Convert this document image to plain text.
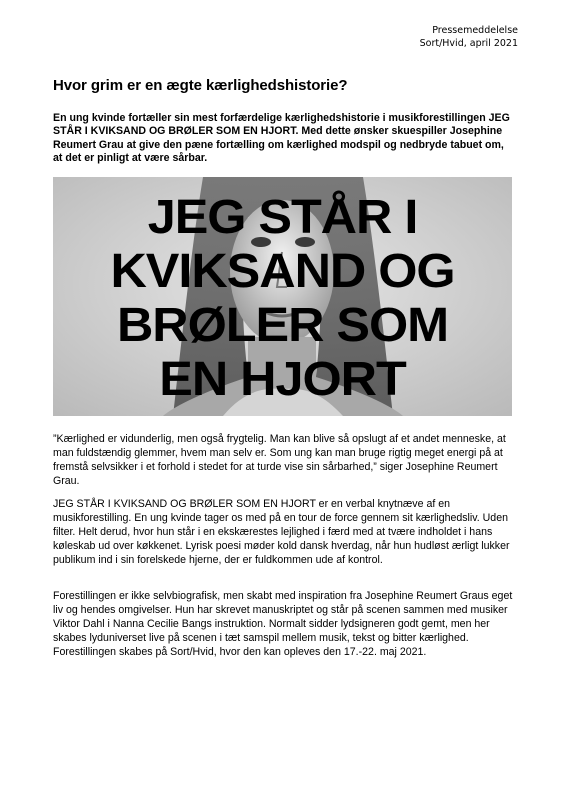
Pressemeddelelse
Sort/Hvid, april 2021
Hvor grim er en ægte kærlighedshistorie?
En ung kvinde fortæller sin mest forfærdelige kærlighedshistorie i musikforestillingen JEG STÅR I KVIKSAND OG BRØLER SOM EN HJORT. Med dette ønsker skuespiller Josephine Reumert Grau at give den pæne fortælling om kærlighed modspil og nedbryde tabuet om, at det er pinligt at være sårbar.
JEG STÅR I
KVIKSAND OG
BRØLER SOM
EN HJORT
”Kærlighed er vidunderlig, men også frygtelig. Man kan blive så opslugt af et andet menneske, at man fuldstændig glemmer, hvem man selv er. Som ung kan man bruge rigtig meget energi på at fremstå selvsikker i et forhold i stedet for at turde vise sin sårbarhed,” siger Josephine Reumert Grau.
JEG STÅR I KVIKSAND OG BRØLER SOM EN HJORT er en verbal knytnæve af en musikforestilling. En ung kvinde tager os med på en tour de force gennem sit kærlighedsliv. Uden filter. Helt derud, hvor hun står i en ekskærestes lejlighed i færd med at tvære indholdet i hans køleskab ud over køkkenet. Lyrisk poesi møder kold dansk hverdag, når hun hudløst ærligt lukker publikum ind i sin forelskede hjerne, der er fuldkommen ude af kontrol.
Forestillingen er ikke selvbiografisk, men skabt med inspiration fra Josephine Reumert Graus eget liv og hendes omgivelser. Hun har skrevet manuskriptet og står på scenen sammen med musiker Viktor Dahl i Nanna Cecilie Bangs instruktion. Normalt sidder lydsigneren godt gemt, men her skabes lyduniverset live på scenen i tæt samspil mellem musik, tekst og bitter kærlighed. Forestillingen skabes på Sort/Hvid, hvor den kan opleves den 17.-22. maj 2021.
